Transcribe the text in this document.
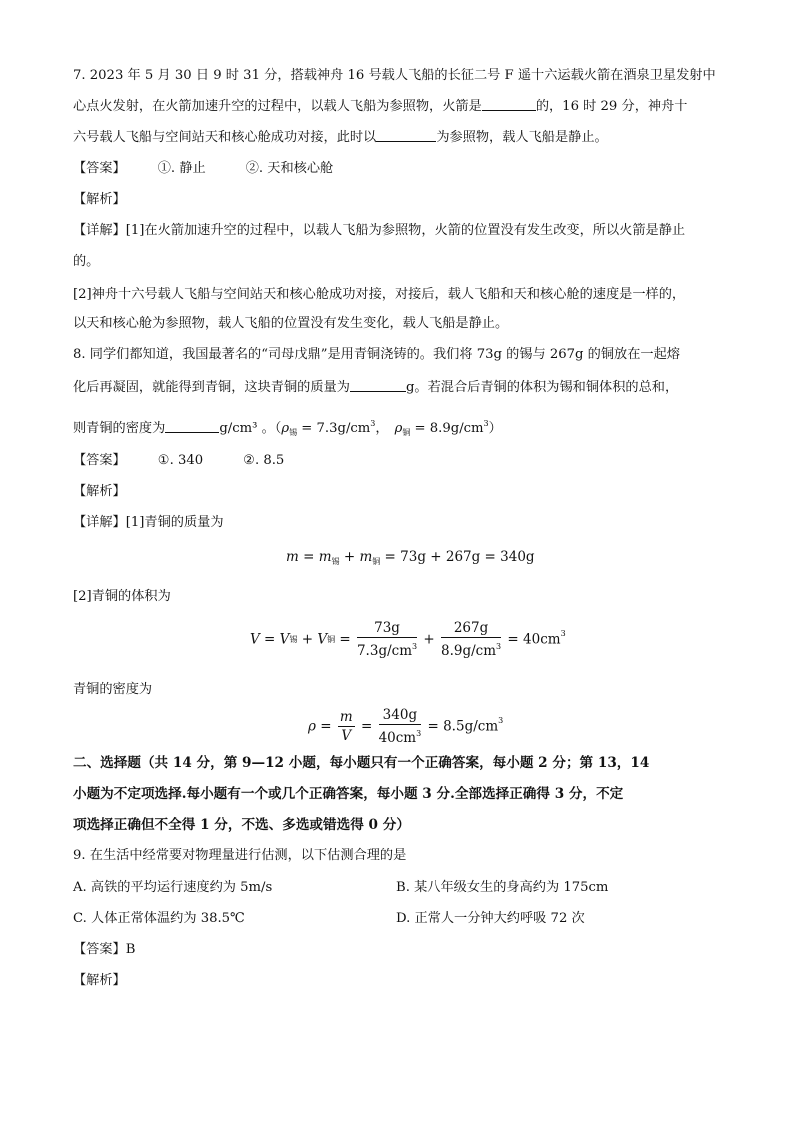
7. 2023 年 5 月 30 日 9 时 31 分，搭载神舟 16 号载人飞船的长征二号 F 遥十六运载火箭在酒泉卫星发射中
心点火发射，在火箭加速升空的过程中，以载人飞船为参照物，火箭是	的，16 时 29 分，神舟十
六号载人飞船与空间站天和核心舱成功对接，此时以	为参照物，载人飞船是静止。
【答案】 ①. 静止	②. 天和核心舱
【解析】
【详解】[1]在火箭加速升空的过程中，以载人飞船为参照物，火箭的位置没有发生改变，所以火箭是静止
的。
[2]神舟十六号载人飞船与空间站天和核心舱成功对接，对接后，载人飞船和天和核心舱的速度是一样的，
以天和核心舱为参照物，载人飞船的位置没有发生变化，载人飞船是静止。
8. 同学们都知道，我国最著名的“司母戊鼎”是用青铜浇铸的。我们将 73g 的锡与 267g 的铜放在一起熔
化后再凝固，就能得到青铜，这块青铜的质量为	g。若混合后青铜的体积为锡和铜体积的总和，
则青铜的密度为	g/cm³ 。（$\rho_锡 = 7.3g/cm^3$， $\rho_铜 = 8.9g/cm^3$）
【答案】 ①. 340	②. 8.5
【解析】
【详解】[1]青铜的质量为
$m = m_锡 + m_铜 = 73g + 267g = 340g$
[2]青铜的体积为
V = V锡 + V铜 = $\frac{73g}{7.3g/cm^3} + \frac{267g}{8.9g/cm^3} = 40cm^3$
青铜的密度为
$\rho = \frac{m}{V} = \frac{340g}{40cm^3} = 8.5g/cm^3$
二、选择题（共 14 分，第 9—12 小题，每小题只有一个正确答案，每小题 2 分；第 13，14
小题为不定项选择.每小题有一个或几个正确答案，每小题 3 分.全部选择正确得 3 分，不定
项选择正确但不全得 1 分，不选、多选或错选得 0 分）
9. 在生活中经常要对物理量进行估测，以下估测合理的是
A. 高铁的平均运行速度约为 5m/s	B. 某八年级女生的身高约为 175cm
C. 人体正常体温约为 38.5℃	D. 正常人一分钟大约呼吸 72 次
【答案】B
【解析】
